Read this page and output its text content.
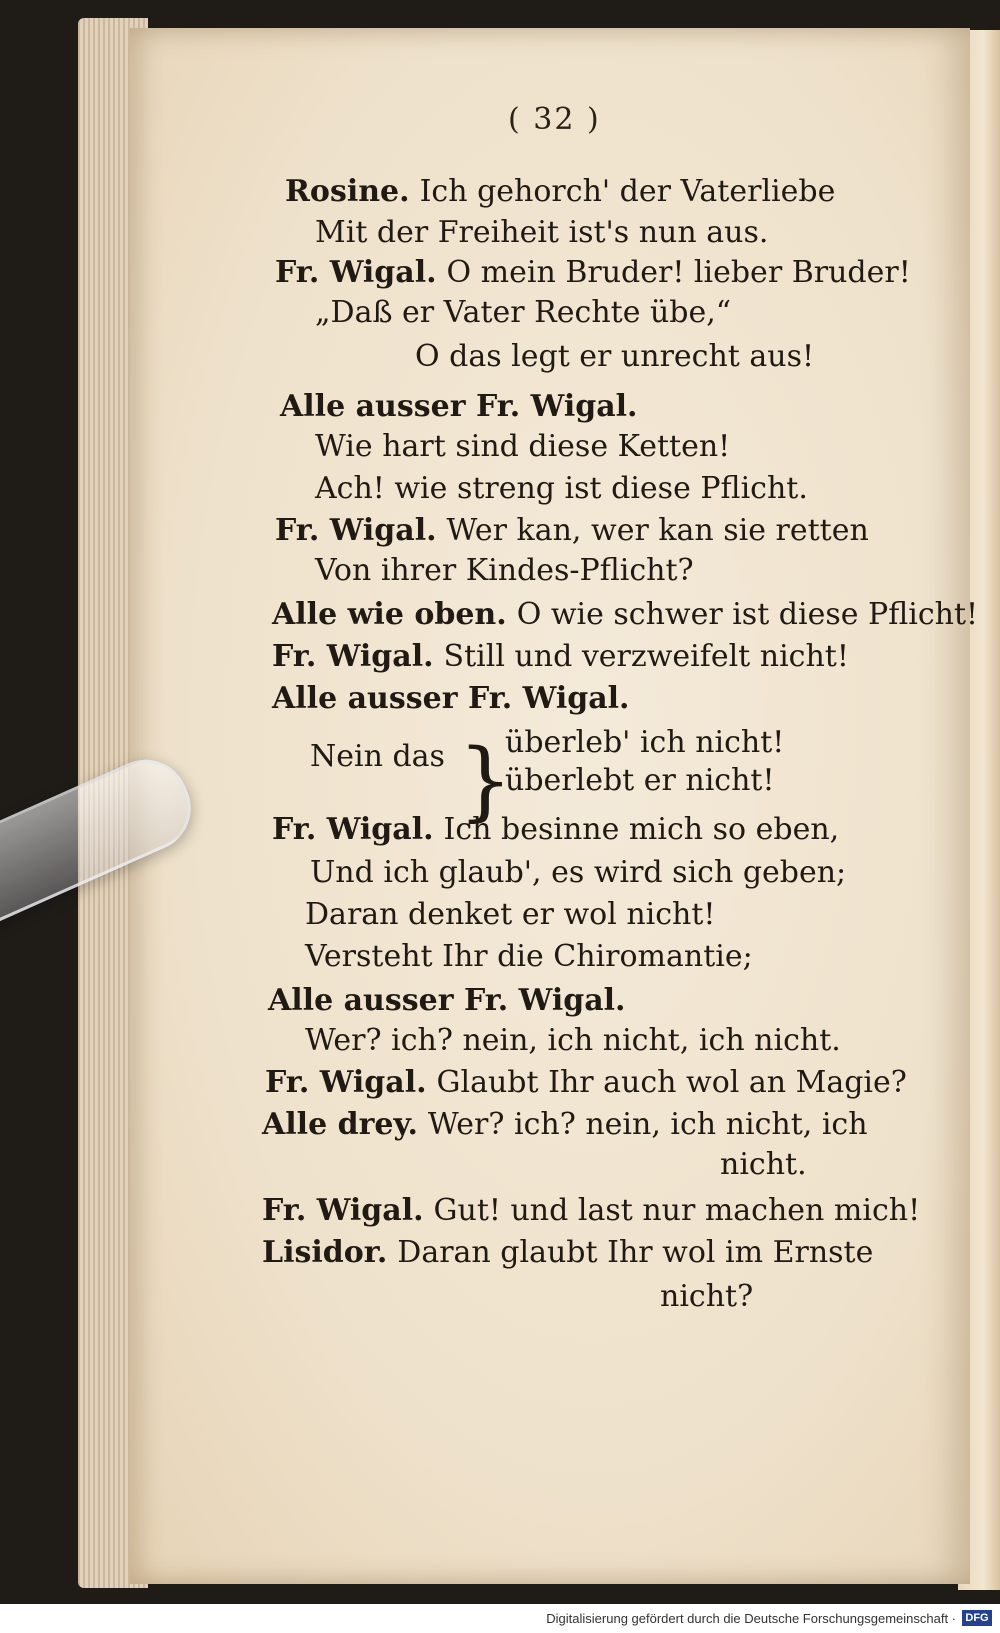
( 32 )
Rosine. Ich gehorch' der Vaterliebe
Mit der Freiheit ist's nun aus.
Fr. Wigal. O mein Bruder! lieber Bruder!
„Daß er Vater Rechte übe,“
O das legt er unrecht aus!
Alle ausser Fr. Wigal.
Wie hart sind diese Ketten!
Ach! wie streng ist diese Pflicht.
Fr. Wigal. Wer kan, wer kan sie retten
Von ihrer Kindes-Pflicht?
Alle wie oben. O wie schwer ist diese Pflicht!
Fr. Wigal. Still und verzweifelt nicht!
Alle ausser Fr. Wigal.
Nein das }
überleb' ich nicht!
überlebt er nicht!
Fr. Wigal. Ich besinne mich so eben,
Und ich glaub', es wird sich geben;
Daran denket er wol nicht!
Versteht Ihr die Chiromantie;
Alle ausser Fr. Wigal.
Wer? ich? nein, ich nicht, ich nicht.
Fr. Wigal. Glaubt Ihr auch wol an Magie?
Alle drey. Wer? ich? nein, ich nicht, ich
nicht.
Fr. Wigal. Gut! und last nur machen mich!
Lisidor. Daran glaubt Ihr wol im Ernste
nicht?
Digitalisierung gefördert durch die Deutsche Forschungsgemeinschaft · DFG
